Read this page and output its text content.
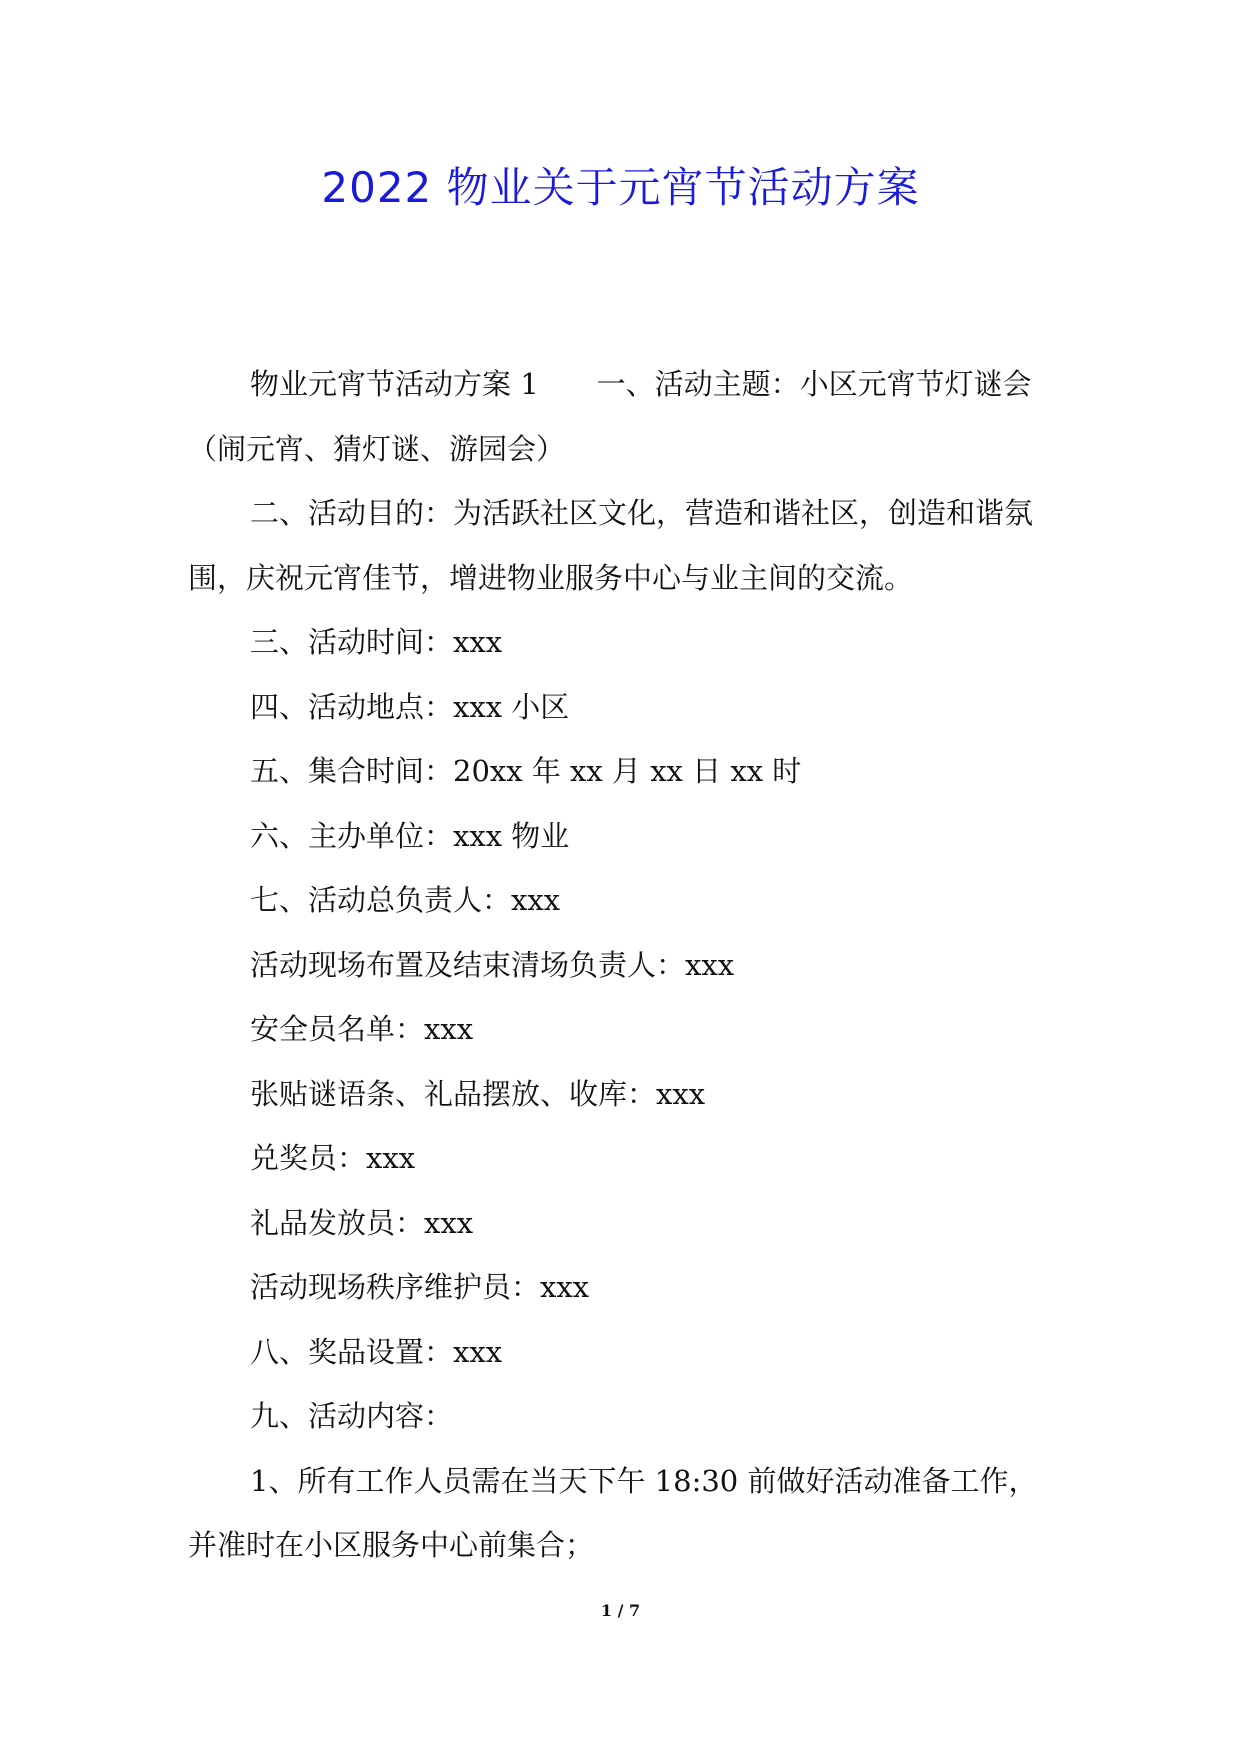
2022 物业关于元宵节活动方案

物业元宵节活动方案 1　　一、活动主题：小区元宵节灯谜会（闹元宵、猜灯谜、游园会）

二、活动目的：为活跃社区文化，营造和谐社区，创造和谐氛围，庆祝元宵佳节，增进物业服务中心与业主间的交流。

三、活动时间：xxx

四、活动地点：xxx 小区

五、集合时间：20xx 年 xx 月 xx 日 xx 时

六、主办单位：xxx 物业

七、活动总负责人：xxx

活动现场布置及结束清场负责人：xxx

安全员名单：xxx

张贴谜语条、礼品摆放、收库：xxx

兑奖员：xxx

礼品发放员：xxx

活动现场秩序维护员：xxx

八、奖品设置：xxx

九、活动内容：

1、所有工作人员需在当天下午 18:30 前做好活动准备工作，并准时在小区服务中心前集合；

1 / 7
